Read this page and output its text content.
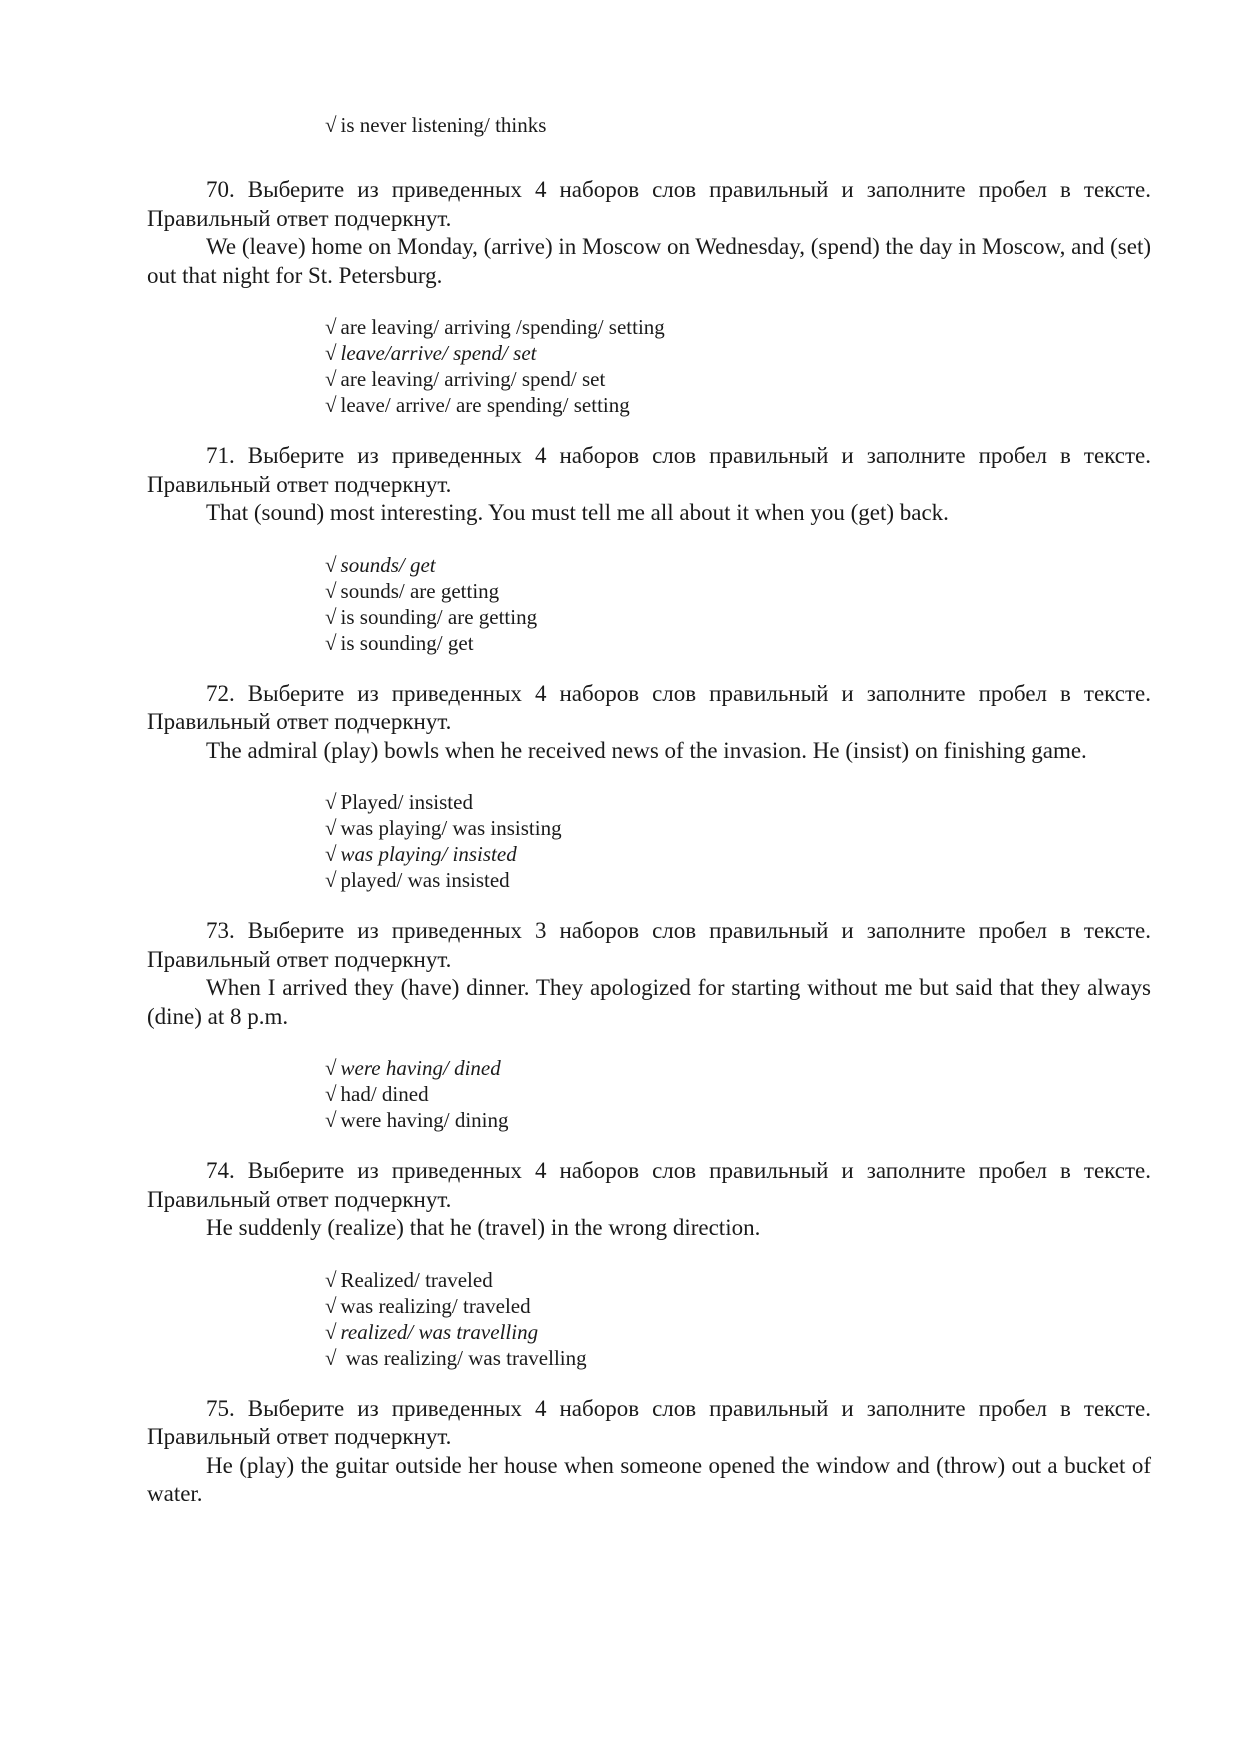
√ is never listening/ thinks

70. Выберите из приведенных 4 наборов слов правильный и заполните пробел в тексте. Правильный ответ подчеркнут.

We (leave) home on Monday, (arrive) in Moscow on Wednesday, (spend) the day in Moscow, and (set) out that night for St. Petersburg.

√ are leaving/ arriving /spending/ setting
√ leave/arrive/ spend/ set
√ are leaving/ arriving/ spend/ set
√ leave/ arrive/ are spending/ setting

71. Выберите из приведенных 4 наборов слов правильный и заполните пробел в тексте. Правильный ответ подчеркнут.

That (sound) most interesting. You must tell me all about it when you (get) back.

√ sounds/ get
√ sounds/ are getting
√ is sounding/ are getting
√ is sounding/ get

72. Выберите из приведенных 4 наборов слов правильный и заполните пробел в тексте. Правильный ответ подчеркнут.

The admiral (play) bowls when he received news of the invasion. He (insist) on finishing game.

√ Played/ insisted
√ was playing/ was insisting
√ was playing/ insisted
√ played/ was insisted

73. Выберите из приведенных 3 наборов слов правильный и заполните пробел в тексте. Правильный ответ подчеркнут.

When I arrived they (have) dinner. They apologized for starting without me but said that they always (dine) at 8 p.m.

√ were having/ dined
√ had/ dined
√ were having/ dining

74. Выберите из приведенных 4 наборов слов правильный и заполните пробел в тексте. Правильный ответ подчеркнут.

He suddenly (realize) that he (travel) in the wrong direction.

√ Realized/ traveled
√ was realizing/ traveled
√ realized/ was travelling
√ was realizing/ was travelling

75. Выберите из приведенных 4 наборов слов правильный и заполните пробел в тексте. Правильный ответ подчеркнут.

He (play) the guitar outside her house when someone opened the window and (throw) out a bucket of water.
